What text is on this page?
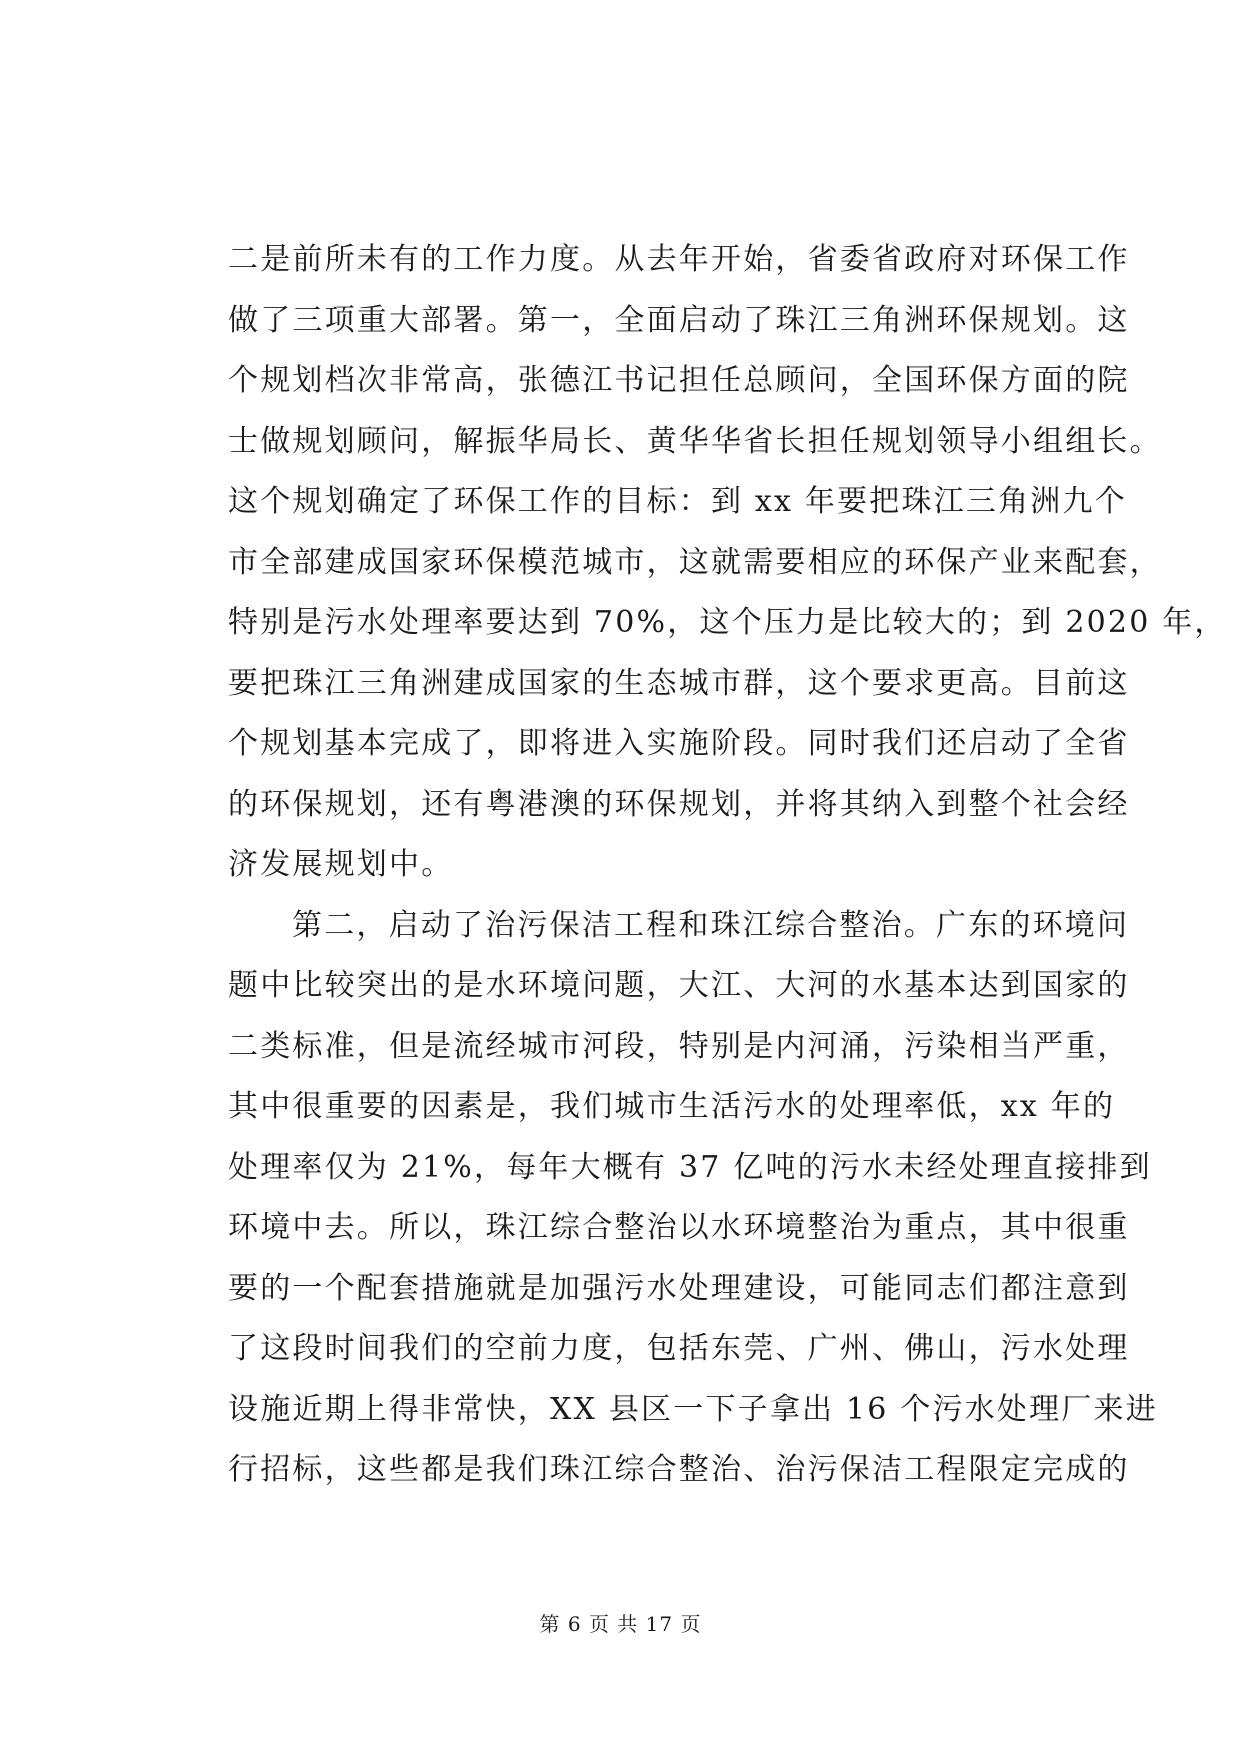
二是前所未有的工作力度。从去年开始，省委省政府对环保工作
做了三项重大部署。第一，全面启动了珠江三角洲环保规划。这
个规划档次非常高，张德江书记担任总顾问，全国环保方面的院
士做规划顾问，解振华局长、黄华华省长担任规划领导小组组长。
这个规划确定了环保工作的目标：到 xx 年要把珠江三角洲九个
市全部建成国家环保模范城市，这就需要相应的环保产业来配套，
特别是污水处理率要达到 70%，这个压力是比较大的；到 2020 年，
要把珠江三角洲建成国家的生态城市群，这个要求更高。目前这
个规划基本完成了，即将进入实施阶段。同时我们还启动了全省
的环保规划，还有粤港澳的环保规划，并将其纳入到整个社会经
济发展规划中。
第二，启动了治污保洁工程和珠江综合整治。广东的环境问
题中比较突出的是水环境问题，大江、大河的水基本达到国家的
二类标准，但是流经城市河段，特别是内河涌，污染相当严重，
其中很重要的因素是，我们城市生活污水的处理率低，xx 年的
处理率仅为 21%，每年大概有 37 亿吨的污水未经处理直接排到
环境中去。所以，珠江综合整治以水环境整治为重点，其中很重
要的一个配套措施就是加强污水处理建设，可能同志们都注意到
了这段时间我们的空前力度，包括东莞、广州、佛山，污水处理
设施近期上得非常快，XX 县区一下子拿出 16 个污水处理厂来进
行招标，这些都是我们珠江综合整治、治污保洁工程限定完成的
第 6 页 共 17 页
